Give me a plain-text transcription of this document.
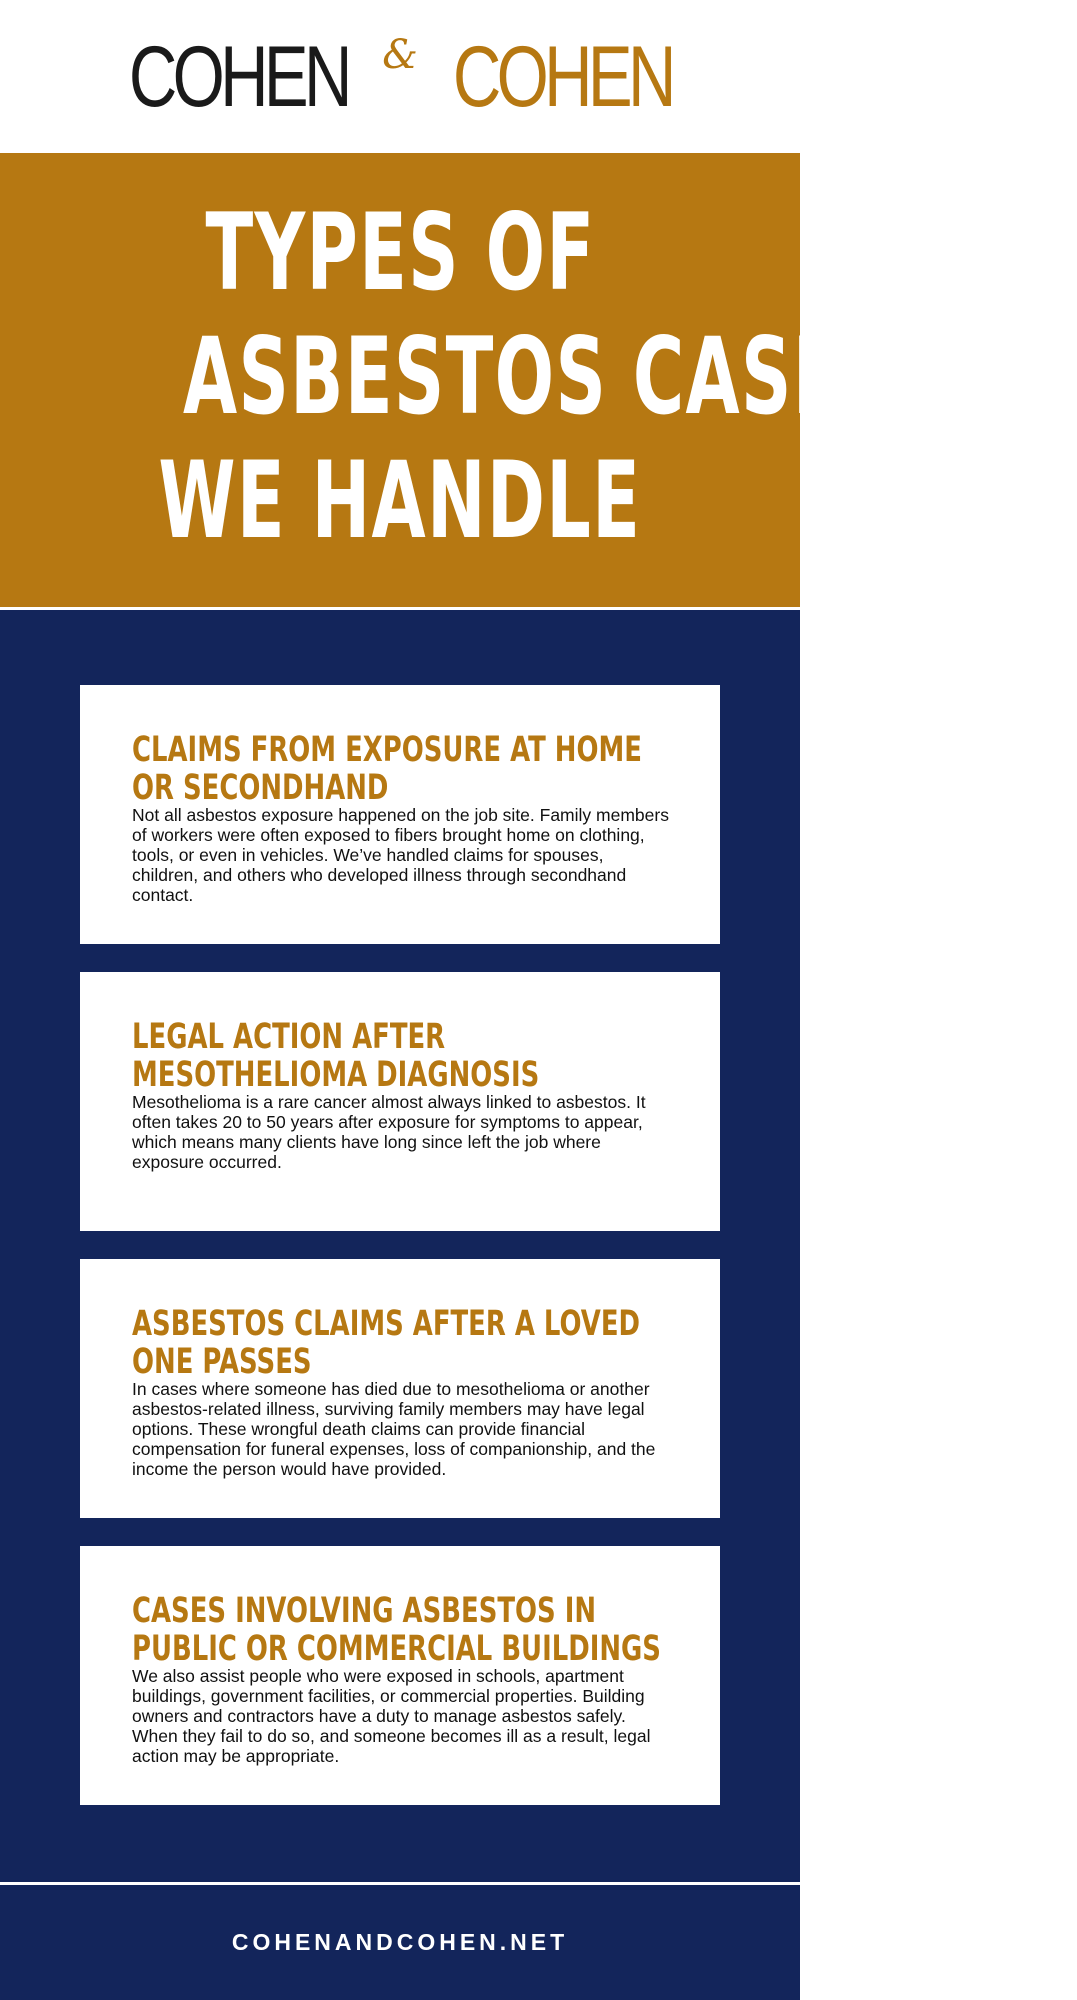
COHEN & COHEN
TYPES OF
ASBESTOS CASES
WE HANDLE
CLAIMS FROM EXPOSURE AT HOME OR SECONDHAND

Not all asbestos exposure happened on the job site. Family members of workers were often exposed to fibers brought home on clothing, tools, or even in vehicles. We’ve handled claims for spouses, children, and others who developed illness through secondhand contact.

LEGAL ACTION AFTER MESOTHELIOMA DIAGNOSIS

Mesothelioma is a rare cancer almost always linked to asbestos. It often takes 20 to 50 years after exposure for symptoms to appear, which means many clients have long since left the job where exposure occurred.

ASBESTOS CLAIMS AFTER A LOVED ONE PASSES

In cases where someone has died due to mesothelioma or another asbestos-related illness, surviving family members may have legal options. These wrongful death claims can provide financial compensation for funeral expenses, loss of companionship, and the income the person would have provided.

CASES INVOLVING ASBESTOS IN PUBLIC OR COMMERCIAL BUILDINGS

We also assist people who were exposed in schools, apartment buildings, government facilities, or commercial properties. Building owners and contractors have a duty to manage asbestos safely. When they fail to do so, and someone becomes ill as a result, legal action may be appropriate.

COHENANDCOHEN.NET
